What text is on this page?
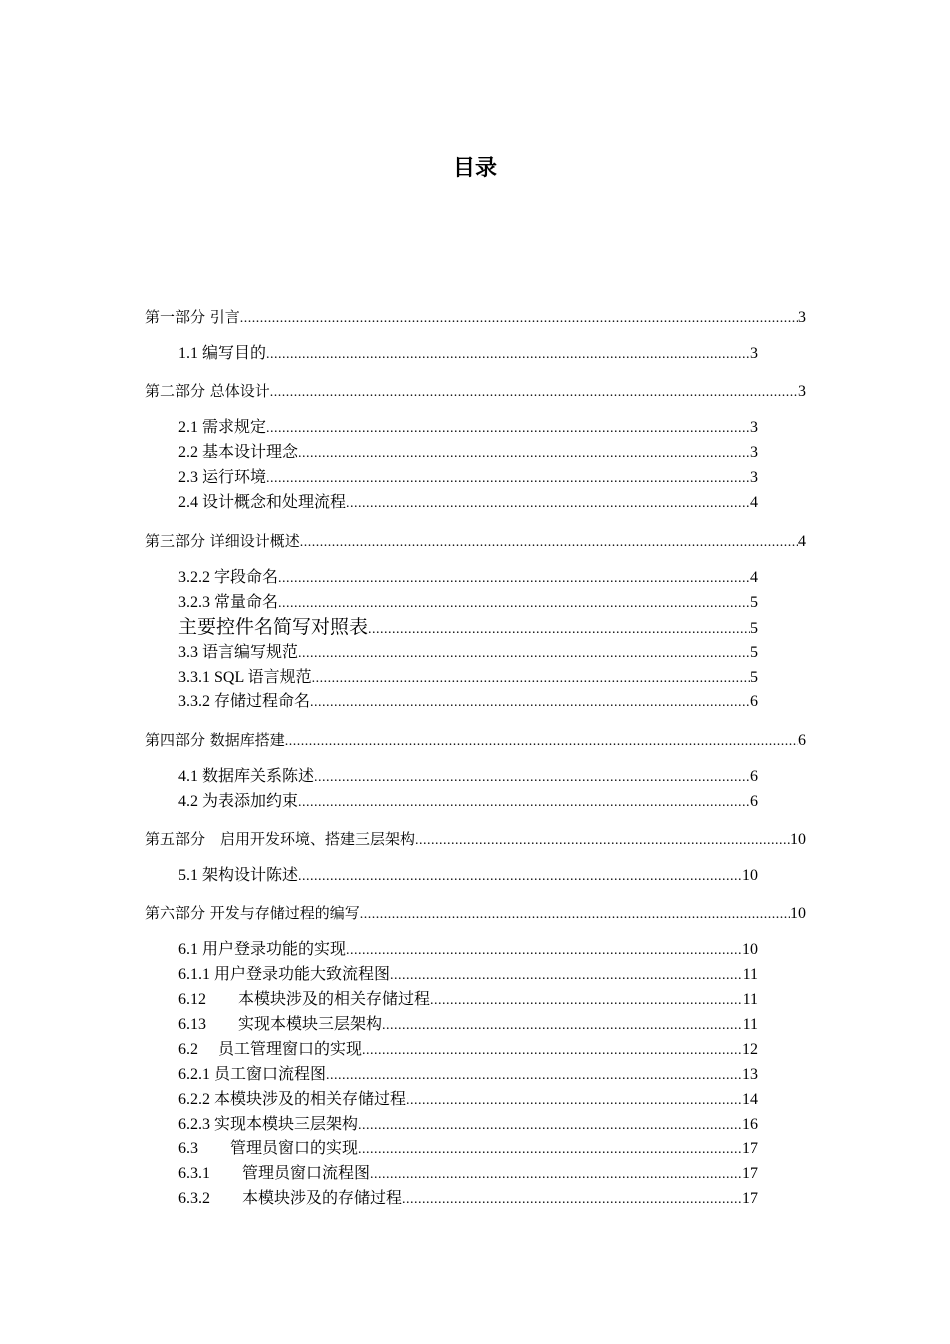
目录
第一部分 引言 .....	3
1.1 编写目的 .....	3
第二部分 总体设计 .....	3
2.1 需求规定 .....	3
2.2 基本设计理念 .....	3
2.3 运行环境 .....	3
2.4 设计概念和处理流程 .....	4
第三部分 详细设计概述 .....	4
3.2.2 字段命名 .....	4
3.2.3 常量命名 .....	5
主要控件名简写对照表 .....	5
3.3 语言编写规范 .....	5
3.3.1 SQL 语言规范 .....	5
3.3.2 存储过程命名 .....	6
第四部分 数据库搭建 .....	6
4.1 数据库关系陈述 .....	6
4.2 为表添加约束 .....	6
第五部分　启用开发环境、搭建三层架构 .....	10
5.1 架构设计陈述 .....	10
第六部分 开发与存储过程的编写 .....	10
6.1 用户登录功能的实现 .....	10
6.1.1 用户登录功能大致流程图 .....	11
6.12　　本模块涉及的相关存储过程 .....	11
6.13　　实现本模块三层架构 .....	11
6.2　 员工管理窗口的实现 .....	12
6.2.1 员工窗口流程图 .....	13
6.2.2 本模块涉及的相关存储过程 .....	14
6.2.3 实现本模块三层架构 .....	16
6.3　　管理员窗口的实现 .....	17
6.3.1　　管理员窗口流程图 .....	17
6.3.2　　本模块涉及的存储过程 .....	17
